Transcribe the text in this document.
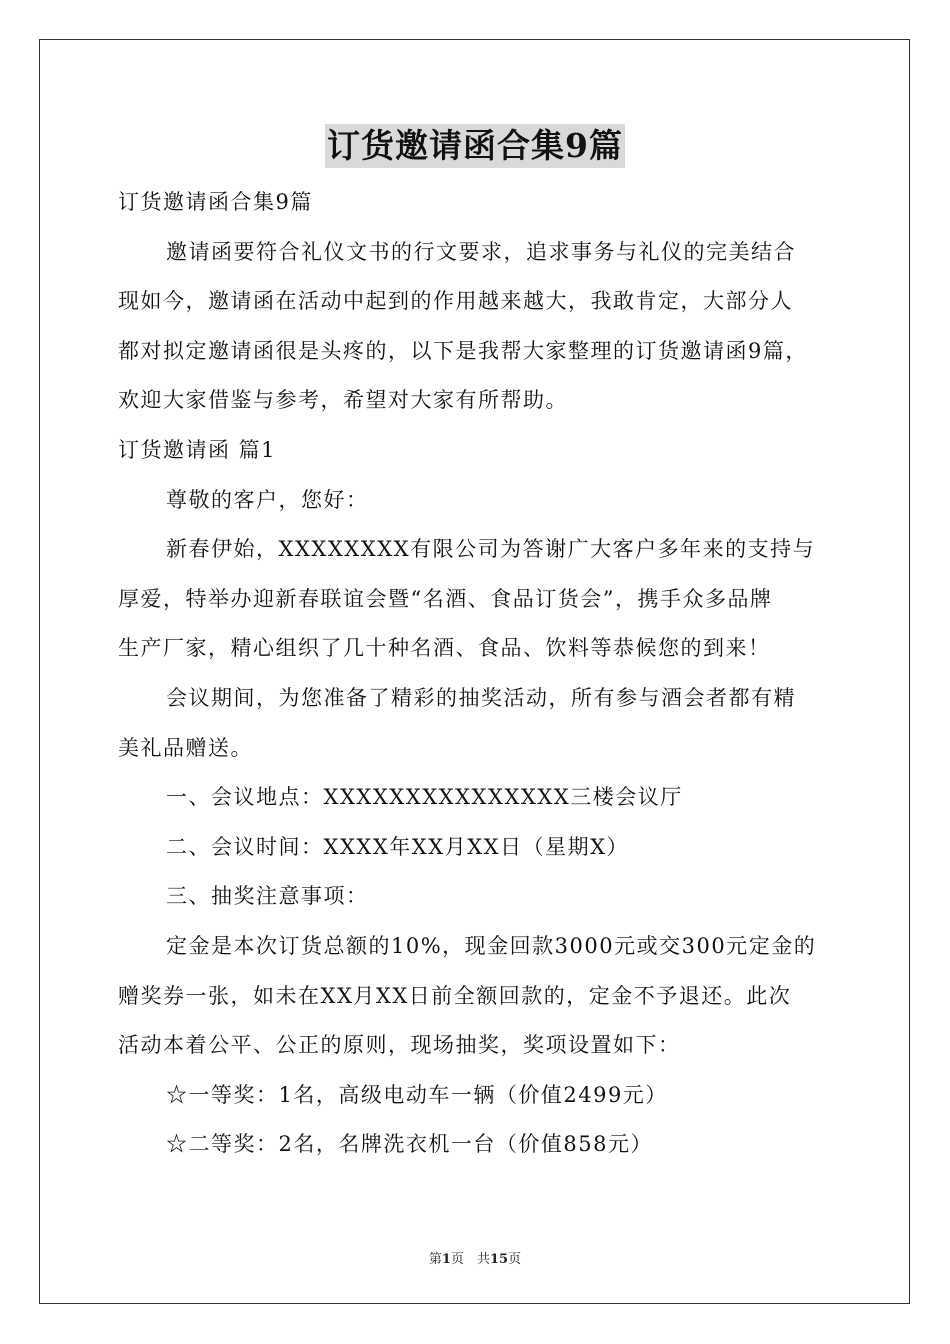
订货邀请函合集9篇
订货邀请函合集9篇
邀请函要符合礼仪文书的行文要求，追求事务与礼仪的完美结合
现如今，邀请函在活动中起到的作用越来越大，我敢肯定，大部分人
都对拟定邀请函很是头疼的，以下是我帮大家整理的订货邀请函9篇，
欢迎大家借鉴与参考，希望对大家有所帮助。
订货邀请函 篇1
尊敬的客户，您好：
新春伊始，XXXXXXXX有限公司为答谢广大客户多年来的支持与
厚爱，特举办迎新春联谊会暨“名酒、食品订货会”，携手众多品牌
生产厂家，精心组织了几十种名酒、食品、饮料等恭候您的到来！
会议期间，为您准备了精彩的抽奖活动，所有参与酒会者都有精
美礼品赠送。
一、会议地点：XXXXXXXXXXXXXXX三楼会议厅
二、会议时间：XXXX年XX月XX日（星期X）
三、抽奖注意事项：
定金是本次订货总额的10%，现金回款3000元或交300元定金的
赠奖券一张，如未在XX月XX日前全额回款的，定金不予退还。此次
活动本着公平、公正的原则，现场抽奖，奖项设置如下：
☆一等奖：1名，高级电动车一辆（价值2499元）
☆二等奖：2名，名牌洗衣机一台（价值858元）
第1页　共15页
